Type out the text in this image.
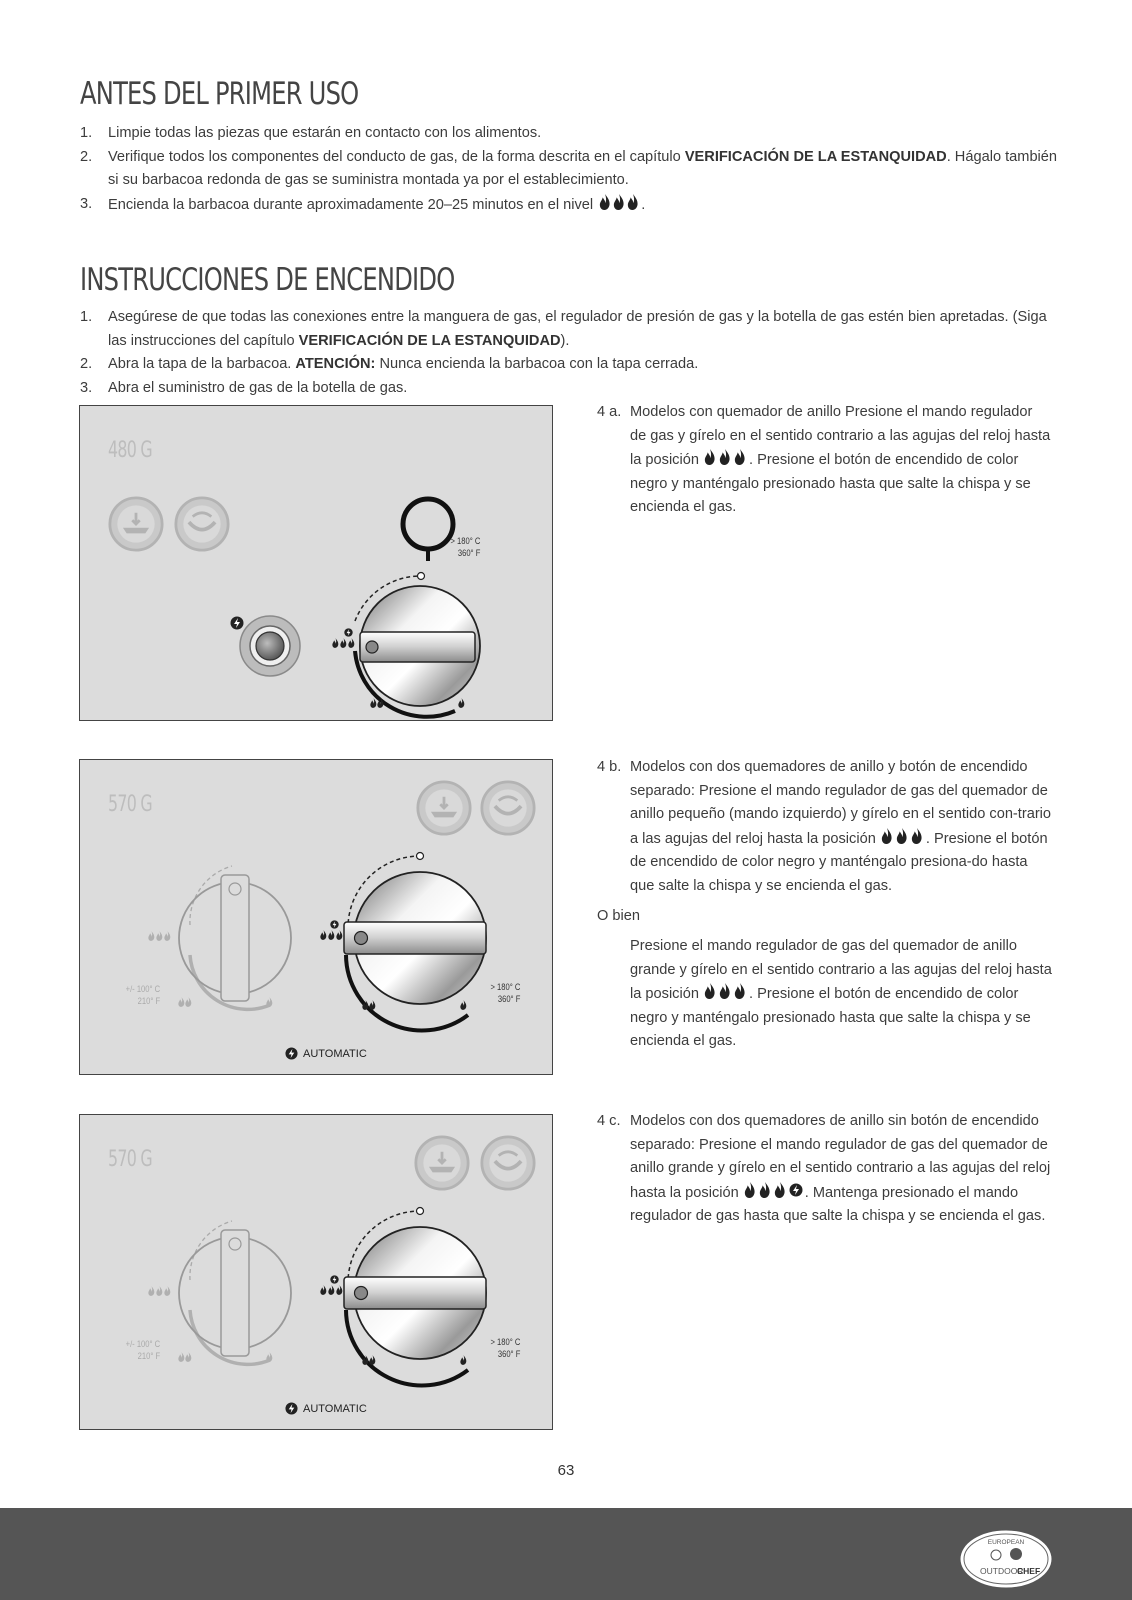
ANTES DEL PRIMER USO
1. Limpie todas las piezas que estarán en contacto con los alimentos.
2. Verifique todos los componentes del conducto de gas, de la forma descrita en el capítulo VERIFICACIÓN DE LA ESTANQUIDAD. Hágalo también si su barbacoa redonda de gas se suministra montada ya por el establecimiento.
3. Encienda la barbacoa durante aproximadamente 20–25 minutos en el nivel	.
INSTRUCCIONES DE ENCENDIDO
1. Asegúrese de que todas las conexiones entre la manguera de gas, el regulador de presión de gas y la botella de gas estén bien apretadas. (Siga las instrucciones del capítulo VERIFICACIÓN DE LA ESTANQUIDAD).
2. Abra la tapa de la barbacoa. ATENCIÓN: Nunca encienda la barbacoa con la tapa cerrada.
3. Abra el suministro de gas de la botella de gas.
480 G
> 180° C
360° F
570 G
+/- 100° C
210° F
> 180° C
360° F
AUTOMATIC
570 G
+/- 100° C
210° F
> 180° C
360° F
AUTOMATIC
4 a. Modelos con quemador de anillo Presione el mando regulador de gas y gírelo en el sentido contrario a las agujas del reloj hasta la posición	. Presione el botón de encendido de color negro y manténgalo presionado hasta que salte la chispa y se encienda el gas.
4 b. Modelos con dos quemadores de anillo y botón de encendido separado: Presione el mando regulador de gas del quemador de anillo pequeño (mando izquierdo) y gírelo en el sentido con-trario a las agujas del reloj hasta la posición	. Presione el botón de encendido de color negro y manténgalo presiona-do hasta que salte la chispa y se encienda el gas.
O bien
Presione el mando regulador de gas del quemador de anillo grande y gírelo en el sentido contrario a las agujas del reloj hasta la posición	. Presione el botón de encendido de color negro y manténgalo presionado hasta que salte la chispa y se encienda el gas.
4 c. Modelos con dos quemadores de anillo sin botón de encendido separado: Presione el mando regulador de gas del quemador de anillo grande y gírelo en el sentido contrario a las agujas del reloj hasta la posición	. Mantenga presionado el mando regulador de gas hasta que salte la chispa y se encienda el gas.
63
EUROPEAN
OUTDOOR
CHEF
